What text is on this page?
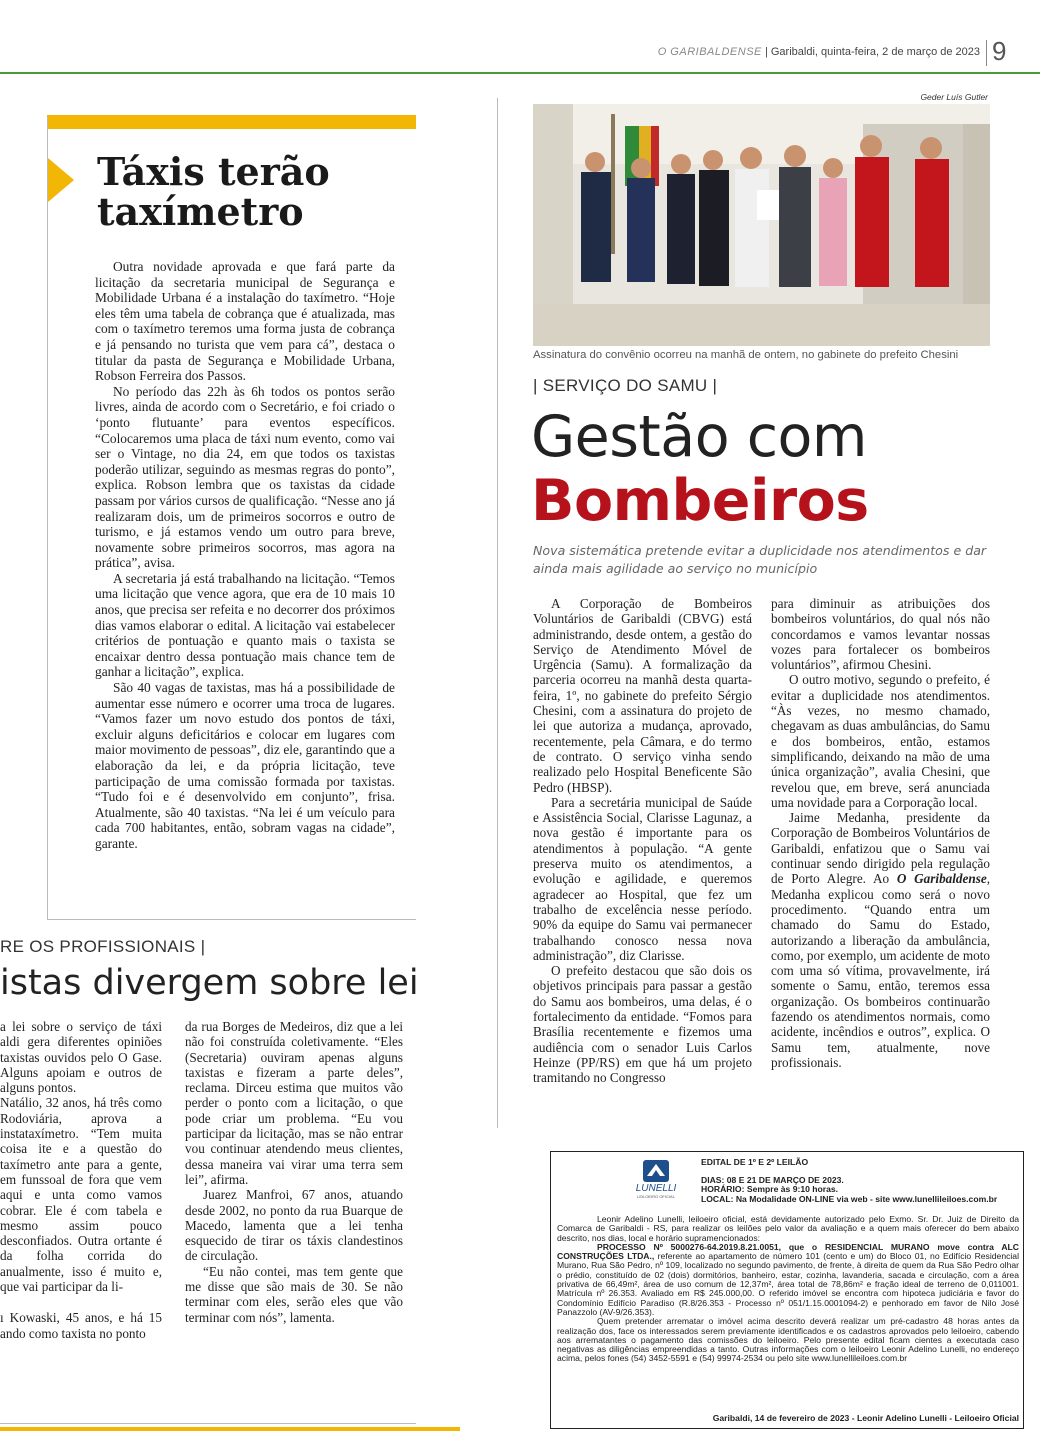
O GARIBALDENSE | Garibaldi, quinta-feira, 2 de março de 2023 9
Táxis terão taxímetro

Outra novidade aprovada e que fará parte da licitação da secretaria municipal de Segurança e Mobilidade Urbana é a instalação do taxímetro. “Hoje eles têm uma tabela de cobrança que é atualizada, mas com o taxímetro teremos uma forma justa de cobrança e já pensando no turista que vem para cá”, destaca o titular da pasta de Segurança e Mobilidade Urbana, Robson Ferreira dos Passos.

No período das 22h às 6h todos os pontos serão livres, ainda de acordo com o Secretário, e foi criado o ‘ponto flutuante’ para eventos específicos. “Colocaremos uma placa de táxi num evento, como vai ser o Vintage, no dia 24, em que todos os taxistas poderão utilizar, seguindo as mesmas regras do ponto”, explica. Robson lembra que os taxistas da cidade passam por vários cursos de qualificação. “Nesse ano já realizaram dois, um de primeiros socorros e outro de turismo, e já estamos vendo um outro para breve, novamente sobre primeiros socorros, mas agora na prática”, avisa.

A secretaria já está trabalhando na licitação. “Temos uma licitação que vence agora, que era de 10 mais 10 anos, que precisa ser refeita e no decorrer dos próximos dias vamos elaborar o edital. A licitação vai estabelecer critérios de pontuação e quanto mais o taxista se encaixar dentro dessa pontuação mais chance tem de ganhar a licitação”, explica.

São 40 vagas de taxistas, mas há a possibilidade de aumentar esse número e ocorrer uma troca de lugares. “Vamos fazer um novo estudo dos pontos de táxi, excluir alguns deficitários e colocar em lugares com maior movimento de pessoas”, diz ele, garantindo que a elaboração da lei, e da própria licitação, teve participação de uma comissão formada por taxistas. “Tudo foi e é desenvolvido em conjunto”, frisa. Atualmente, são 40 taxistas. “Na lei é um veículo para cada 700 habitantes, então, sobram vagas na cidade”, garante.

Geder Luís Gutler
Assinatura do convênio ocorreu na manhã de ontem, no gabinete do prefeito Chesini
| SERVIÇO DO SAMU |
Gestão com
Bombeiros
Nova sistemática pretende evitar a duplicidade nos atendimentos e dar ainda mais agilidade ao serviço no município

A Corporação de Bombeiros Voluntários de Garibaldi (CBVG) está administrando, desde ontem, a gestão do Serviço de Atendimento Móvel de Urgência (Samu). A formalização da parceria ocorreu na manhã desta quarta-feira, 1º, no gabinete do prefeito Sérgio Chesini, com a assinatura do projeto de lei que autoriza a mudança, aprovado, recentemente, pela Câmara, e do termo de contrato. O serviço vinha sendo realizado pelo Hospital Beneficente São Pedro (HBSP).

Para a secretária municipal de Saúde e Assistência Social, Clarisse Lagunaz, a nova gestão é importante para os atendimentos à população. “A gente preserva muito os atendimentos, a evolução e agilidade, e queremos agradecer ao Hospital, que fez um trabalho de excelência nesse período. 90% da equipe do Samu vai permanecer trabalhando conosco nessa nova administração”, diz Clarisse.

O prefeito destacou que são dois os objetivos principais para passar a gestão do Samu aos bombeiros, uma delas, é o fortalecimento da entidade. “Fomos para Brasília recentemente e fizemos uma audiência com o senador Luis Carlos Heinze (PP/RS) em que há um projeto tramitando no Congresso

para diminuir as atribuições dos bombeiros voluntários, do qual nós não concordamos e vamos levantar nossas vozes para fortalecer os bombeiros voluntários”, afirmou Chesini.

O outro motivo, segundo o prefeito, é evitar a duplicidade nos atendimentos. “Às vezes, no mesmo chamado, chegavam as duas ambulâncias, do Samu e dos bombeiros, então, estamos simplificando, deixando na mão de uma única organização”, avalia Chesini, que revelou que, em breve, será anunciada uma novidade para a Corporação local.

Jaime Medanha, presidente da Corporação de Bombeiros Voluntários de Garibaldi, enfatizou que o Samu vai continuar sendo dirigido pela regulação de Porto Alegre. Ao O Garibaldense, Medanha explicou como será o novo procedimento. “Quando entra um chamado do Samu do Estado, autorizando a liberação da ambulância, como, por exemplo, um acidente de moto com uma só vítima, provavelmente, irá somente o Samu, então, teremos essa organização. Os bombeiros continuarão fazendo os atendimentos normais, como acidente, incêndios e outros”, explica. O Samu tem, atualmente, nove profissionais.

RE OS PROFISSIONAIS |
istas divergem sobre lei

a lei sobre o serviço de táxi aldi gera diferentes opiniões taxistas ouvidos pelo O Gase. Alguns apoiam e outros de alguns pontos.

Natálio, 32 anos, há três como Rodoviária, aprova a instataxímetro. “Tem muita coisa ite e a questão do taxímetro ante para a gente, em funssoal de fora que vem aqui e unta como vamos cobrar. Ele é com tabela e mesmo assim pouco desconfiados. Outra ortante é da folha corrida do anualmente, isso é muito e, que vai participar da li-

ı Kowaski, 45 anos, e há 15 ando como taxista no ponto

da rua Borges de Medeiros, diz que a lei não foi construída coletivamente. “Eles (Secretaria) ouviram apenas alguns taxistas e fizeram a parte deles”, reclama. Dirceu estima que muitos vão perder o ponto com a licitação, o que pode criar um problema. “Eu vou participar da licitação, mas se não entrar vou continuar atendendo meus clientes, dessa maneira vai virar uma terra sem lei”, afirma.

Juarez Manfroi, 67 anos, atuando desde 2002, no ponto da rua Buarque de Macedo, lamenta que a lei tenha esquecido de tirar os táxis clandestinos de circulação.

“Eu não contei, mas tem gente que me disse que são mais de 30. Se não terminar com eles, serão eles que vão terminar com nós”, lamenta.

LUNELLI
LEILOEIRO OFICIAL
EDITAL DE 1º E 2º LEILÃO
DIAS: 08 E 21 DE MARÇO DE 2023.
HORÁRIO: Sempre às 9:10 horas.
LOCAL: Na Modalidade ON-LINE via web - site www.lunellileiloes.com.br

Leonir Adelino Lunelli, leiloeiro oficial, está devidamente autorizado pelo Exmo. Sr. Dr. Juiz de Direito da Comarca de Garibaldi - RS, para realizar os leilões pelo valor da avaliação e a quem mais oferecer do bem abaixo descrito, nos dias, local e horário supramencionados:

PROCESSO Nº 5000276-64.2019.8.21.0051, que o RESIDENCIAL MURANO move contra ALC CONSTRUÇÕES LTDA., referente ao apartamento de número 101 (cento e um) do Bloco 01, no Edifício Residencial Murano, Rua São Pedro, nº 109, localizado no segundo pavimento, de frente, à direita de quem da Rua São Pedro olhar o prédio, constituído de 02 (dois) dormitórios, banheiro, estar, cozinha, lavanderia, sacada e circulação, com a área privativa de 66,49m², área de uso comum de 12,37m², área total de 78,86m² e fração ideal de terreno de 0,011001. Matrícula nº 26.353. Avaliado em R$ 245.000,00. O referido imóvel se encontra com hipoteca judiciária e favor do Condomínio Edifício Paradiso (R.8/26.353 - Processo nº 051/1.15.0001094-2) e penhorado em favor de Nilo José Panazzolo (AV-9/26.353).

Quem pretender arrematar o imóvel acima descrito deverá realizar um pré-cadastro 48 horas antes da realização dos, face os interessados serem previamente identificados e os cadastros aprovados pelo leiloeiro, cabendo aos arrematantes o pagamento das comissões do leiloeiro. Pelo presente edital ficam cientes a executada caso negativas as diligências empreendidas a tanto. Outras informações com o leiloeiro Leonir Adelino Lunelli, no endereço acima, pelos fones (54) 3452-5591 e (54) 99974-2534 ou pelo site www.lunellileiloes.com.br

Garibaldi, 14 de fevereiro de 2023 - Leonir Adelino Lunelli - Leiloeiro Oficial
